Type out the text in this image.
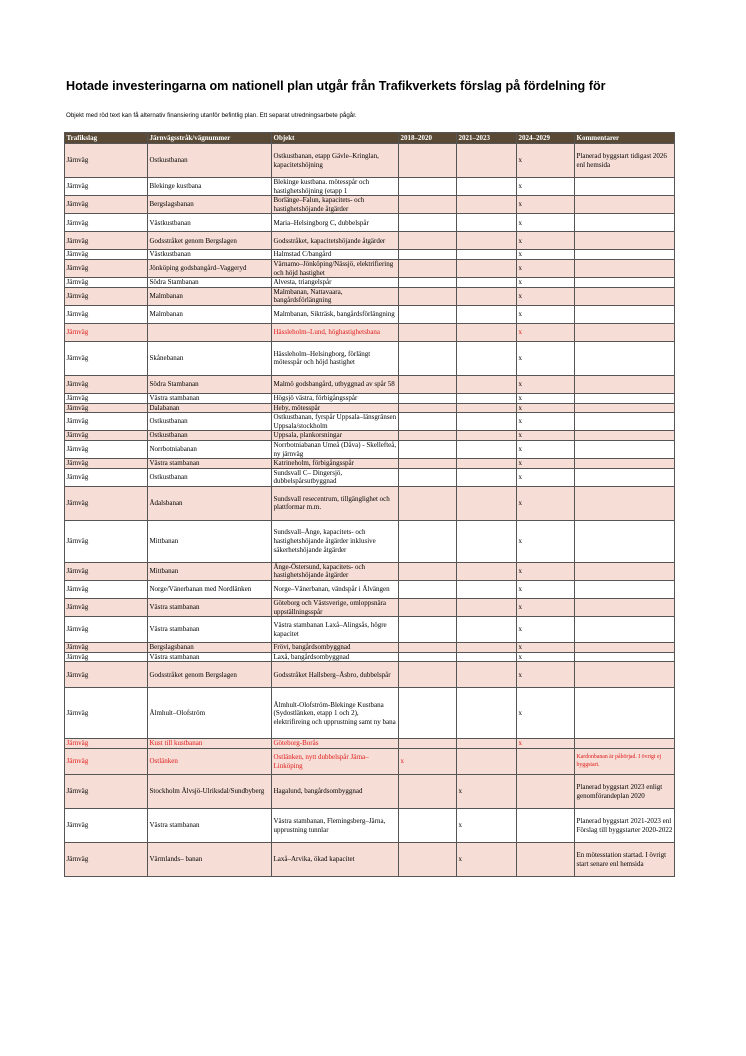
Hotade investeringarna om nationell plan utgår från Trafikverkets förslag på fördelning för
Objekt med röd text kan få alternativ finansiering utanför befintlig plan. Ett separat utredningsarbete pågår.
Trafikslag	Järnvägsstråk/vägnummer	Objekt	2018–2020	2021–2023	2024–2029	Kommentarer
Järnväg	Ostkustbanan	Ostkustbanan, etapp Gävle–Kringlan, kapacitetshöjning			x	Planerad byggstart tidigast 2026 enl hemsida
Järnväg	Blekinge kustbana	Blekinge kustbana. mötesspår och hastighetshöjning (etapp 1			x	
Järnväg	Bergslagsbanan	Borlänge–Falun, kapacitets- och hastighetshöjande åtgärder			x	
Järnväg	Västkustbanan	Maria–Helsingborg C, dubbelspår			x	
Järnväg	Godsstråket genom Bergslagen	Godsstråket, kapacitetshöjande åtgärder			x	
Järnväg	Västkustbanan	Halmstad C/bangård			x	
Järnväg	Jönköping godsbangård–Vaggeryd	Värnamo–Jönköping/Nässjö, elektrifiering och höjd hastighet			x	
Järnväg	Södra Stambanan	Alvesta, triangelspår			x	
Järnväg	Malmbanan	Malmbanan, Nattavaara, bangårdsförlängning			x	
Järnväg	Malmbanan	Malmbanan, Sikträsk, bangårdsförlängning			x	
Järnväg		Hässleholm–Lund, höghastighetsbana			x	
Järnväg	Skånebanan	Hässleholm–Helsingborg, förlängt mötesspår och höjd hastighet			x	
Järnväg	Södra Stambanan	Malmö godsbangård, utbyggnad av spår 58			x	
Järnväg	Västra stambanan	Högsjö västra, förbigångsspår			x	
Järnväg	Dalabanan	Heby, mötesspår			x	
Järnväg	Ostkustbanan	Ostkustbanan, fyrspår Uppsala–länsgränsen Uppsala/stockholm			x	
Järnväg	Ostkustbanan	Uppsala, plankorsningar			x	
Järnväg	Norrbotniabanan	Norrbotniabanan Umeå (Dåva) - Skellefteå, ny järnväg			x	
Järnväg	Västra stambanan	Katrineholm, förbigångsspår			x	
Järnväg	Ostkustbanan	Sundsvall C– Dingersjö, dubbelspårsutbyggnad			x	
Järnväg	Ådalsbanan	Sundsvall resecentrum, tillgänglighet och plattformar m.m.			x	
Järnväg	Mittbanan	Sundsvall–Ånge, kapacitets- och hastighetshöjande åtgärder inklusive säkerhetshöjande åtgärder			x	
Järnväg	Mittbanan	Ånge-Östersund, kapacitets- och hastighetshöjande åtgärder			x	
Järnväg	Norge/Vänerbanan med Nordlänken	Norge–Vänerbanan, vändspår i Älvängen			x	
Järnväg	Västra stambanan	Göteborg och Västsverige, omloppsnära uppställningsspår			x	
Järnväg	Västra stambanan	Västra stambanan Laxå–Alingsås, högre kapacitet			x	
Järnväg	Bergslagsbanan	Frövi, bangårdsombyggnad			x	
Järnväg	Västra stambanan	Laxå, bangårdsombyggnad			x	
Järnväg	Godsstråket genom Bergslagen	Godsstråket Hallsberg–Åsbro, dubbelspår			x	
Järnväg	Älmhult–Olofström	Älmhult-Olofström-Blekinge Kustbana (Sydostlänken, etapp 1 och 2), elektrifireing och upprustning samt ny bana			x	
Järnväg	Kust till kustbanan	Göteborg-Borås			x	
Järnväg	Ostlänken	Ostlänken, nytt dubbelspår Järna–Linköping	x			Kardonbanan är påbörjad. I övrigt ej byggstart.
Järnväg	Stockholm Älvsjö-Ulriksdal/Sundbyberg	Hagalund, bangårdsombyggnad		x		Planerad byggstart 2023 enligt genomförandeplan 2020
Järnväg	Västra stambanan	Västra stambanan, Flemingsberg–Järna, upprustning tunnlar		x		Planerad byggstart 2021-2023 enl Förslag till byggstarter 2020-2022
Järnväg	Värmlands– banan	Laxå–Arvika, ökad kapacitet		x		En mötesstation startad. I övrigt start senare enl hemsida
